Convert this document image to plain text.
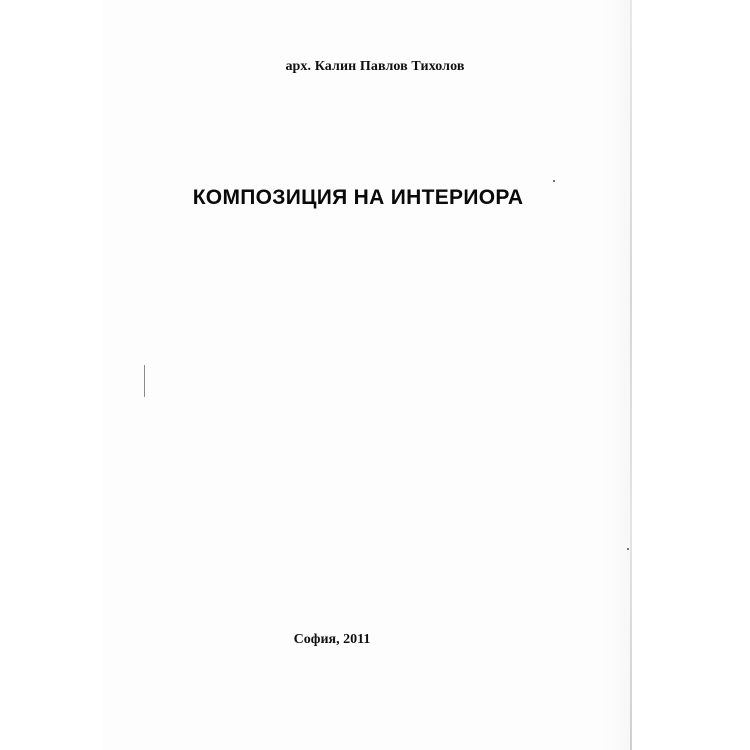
арх. Калин Павлов Тихолов
КОМПОЗИЦИЯ НА ИНТЕРИОРА
София, 2011
